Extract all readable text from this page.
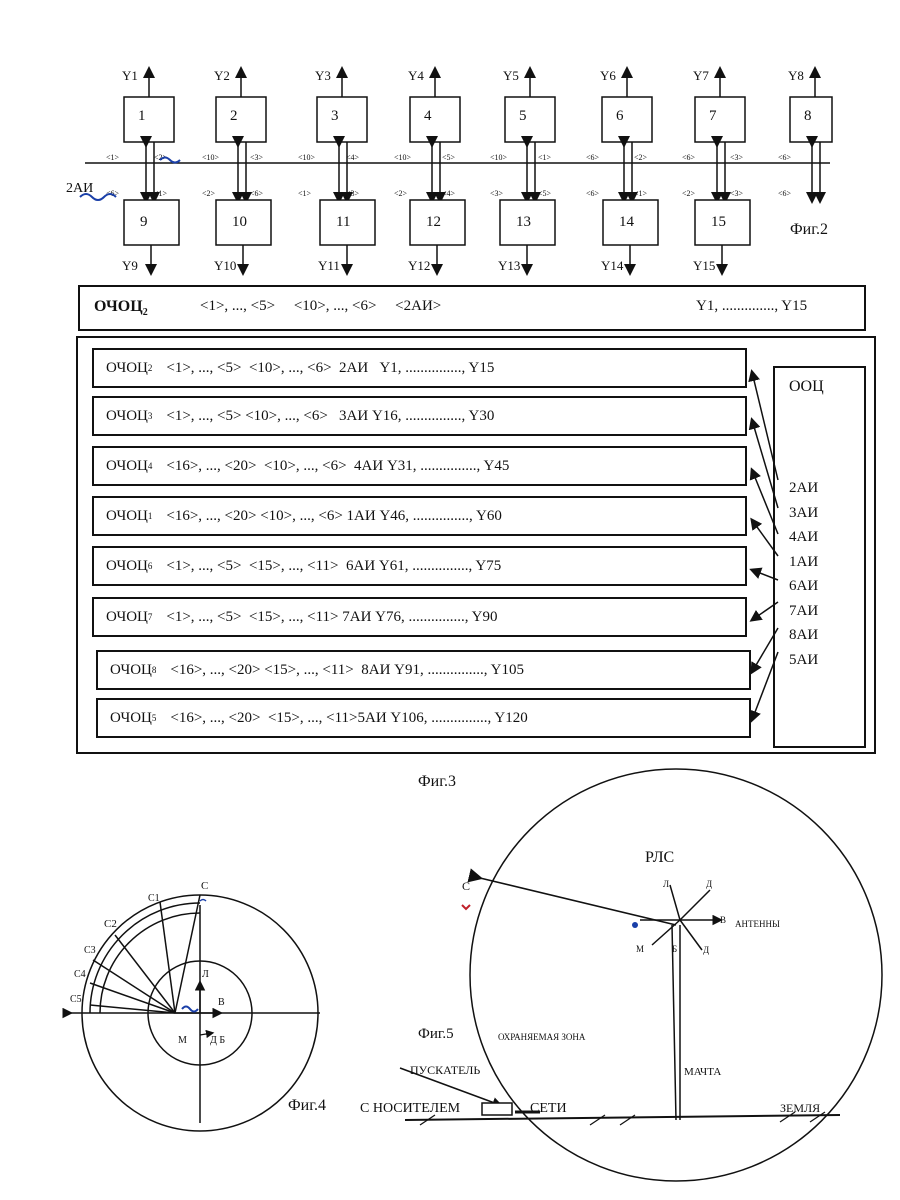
1
Y1
2
Y2
3
Y3
4
Y4
5
Y5
6
Y6
7
Y7
8
Y8
9
Y9
10
Y10
11
Y11
12
Y12
13
Y13
14
Y14
15
Y15
<1>	<2>	<10>	<3>	<10>	<4>	<10>	<5>	<10>	<1>	<6>	<2>	<6>	<3>	<6>
<6>	<1>	<2>	<6>	<1>	<3>	<2>	<4>	<3>	<5>	<6>	<1>	<2>	<3>	<6>
2АИ
Фиг.2
$ОЧОЦ_2$	<1>, ..., <5>     <10>, ..., <6>     <2АИ>	Y1, .............., Y15
ОЧОЦ 2 <1>, ..., <5>  <10>, ..., <6>  2АИ   Y1, ..............., Y15
ОЧОЦ 3 <1>, ..., <5> <10>, ..., <6>   3АИ Y16, ..............., Y30
ОЧОЦ 4 <16>, ..., <20>  <10>, ..., <6>  4АИ Y31, ..............., Y45
ОЧОЦ 1 <16>, ..., <20> <10>, ..., <6> 1АИ Y46, ..............., Y60
ОЧОЦ 6 <1>, ..., <5>  <15>, ..., <11>  6АИ Y61, ..............., Y75
ОЧОЦ 7 <1>, ..., <5>  <15>, ..., <11> 7АИ Y76, ..............., Y90
ОЧОЦ 8 <16>, ..., <20> <15>, ..., <11>  8АИ Y91, ..............., Y105
ОЧОЦ 5 <16>, ..., <20>  <15>, ..., <11>5АИ Y106, ..............., Y120
ООЦ
2АИ
3АИ
4АИ
1АИ
6АИ
7АИ
8АИ
5АИ
Фиг.3
С
С1
С2
С3
С4
С5
М
В
Л
Д Б
Фиг.4
РЛС
С
АНТЕННЫ
ОХРАНЯЕМАЯ ЗОНА
МАЧТА
ПУСКАТЕЛЬ
С НОСИТЕЛЕМ	СЕТИ	ЗЕМЛЯ
Фиг.5
Л	Д
В
М	Б	Д
